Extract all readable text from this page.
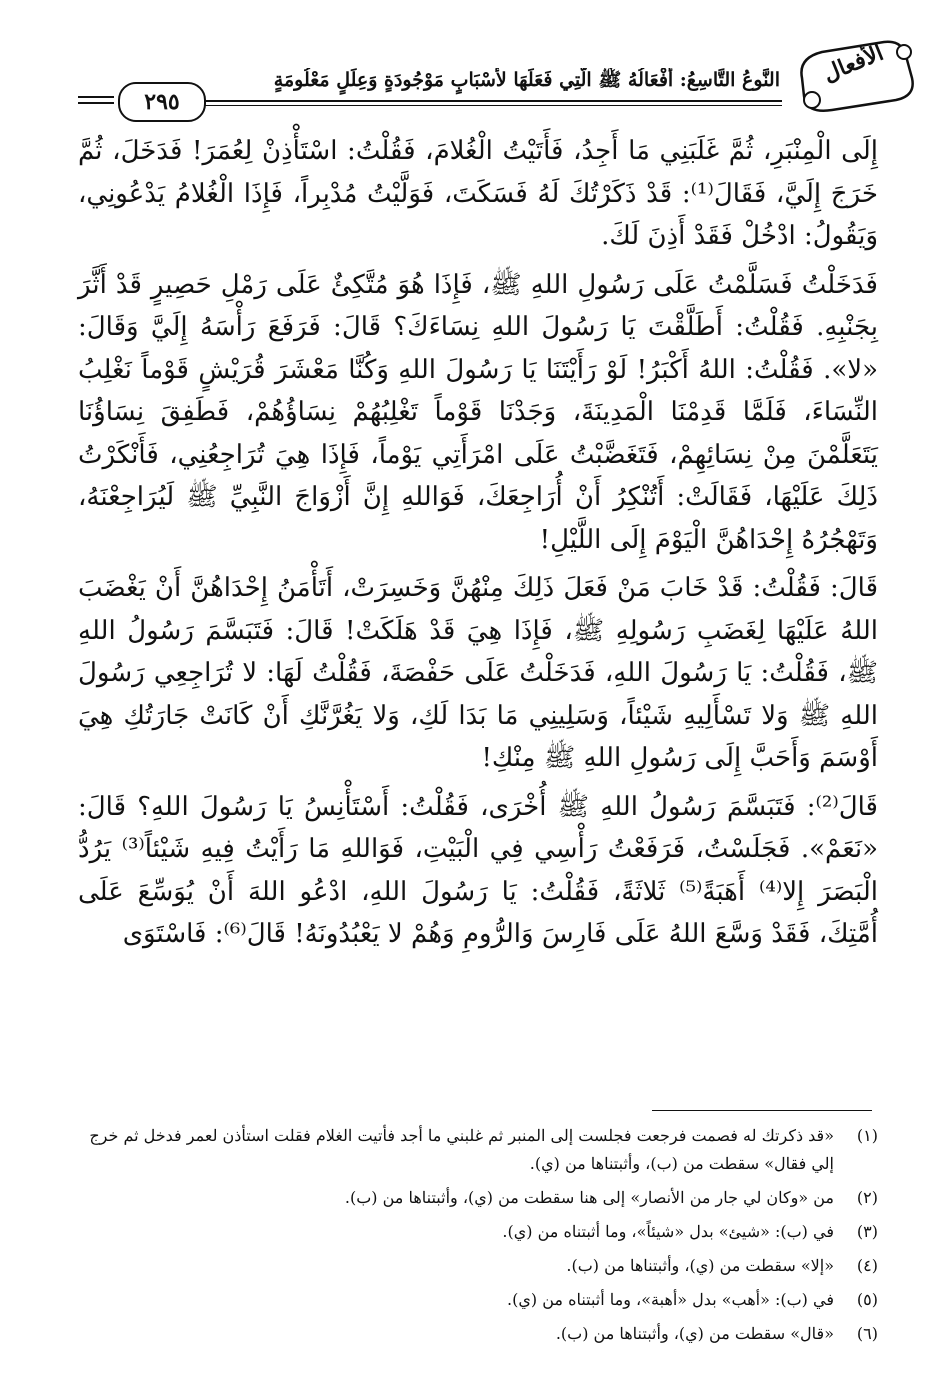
الأفعال
النَّوعُ التَّاسِعُ: أَفْعَالُهُ ﷺ الَّتِي فَعَلَهَا لأَسْبَابٍ مَوْجُودَةٍ وَعِلَلٍ مَعْلُومَةٍ
٢٩٥

إِلَى الْمِنْبَرِ، ثُمَّ غَلَبَنِي مَا أَجِدُ، فَأَتَيْتُ الْغُلامَ، فَقُلْتُ: اسْتَأْذِنْ لِعُمَرَ! فَدَخَلَ، ثُمَّ خَرَجَ إِلَيَّ، فَقَالَ⁽¹⁾: قَدْ ذَكَرْتُكَ لَهُ فَسَكَتَ، فَوَلَّيْتُ مُدْبِراً، فَإِذَا الْغُلامُ يَدْعُونِي، وَيَقُولُ: ادْخُلْ فَقَدْ أَذِنَ لَكَ.

فَدَخَلْتُ فَسَلَّمْتُ عَلَى رَسُولِ اللهِ ﷺ، فَإِذَا هُوَ مُتَّكِئٌ عَلَى رَمْلِ حَصِيرٍ قَدْ أَثَّرَ بِجَنْبِهِ. فَقُلْتُ: أَطَلَّقْتَ يَا رَسُولَ اللهِ نِسَاءَكَ؟ قَالَ: فَرَفَعَ رَأْسَهُ إِلَيَّ وَقَالَ: «لا». فَقُلْتُ: اللهُ أَكْبَرُ! لَوْ رَأَيْتَنَا يَا رَسُولَ اللهِ وَكُنَّا مَعْشَرَ قُرَيْشٍ قَوْماً نَغْلِبُ النِّسَاءَ، فَلَمَّا قَدِمْنَا الْمَدِينَةَ، وَجَدْنَا قَوْماً تَغْلِبُهُمْ نِسَاؤُهُمْ، فَطَفِقَ نِسَاؤُنَا يَتَعَلَّمْنَ مِنْ نِسَائِهِمْ، فَتَغَضَّبْتُ عَلَى امْرَأَتِي يَوْماً، فَإِذَا هِيَ تُرَاجِعُنِي، فَأَنْكَرْتُ ذَلِكَ عَلَيْهَا، فَقَالَتْ: أَتُنْكِرُ أَنْ أُرَاجِعَكَ، فَوَاللهِ إِنَّ أَزْوَاجَ النَّبِيِّ ﷺ لَيُرَاجِعْنَهُ، وَتَهْجُرُهُ إِحْدَاهُنَّ الْيَوْمَ إِلَى اللَّيْلِ!

قَالَ: فَقُلْتُ: قَدْ خَابَ مَنْ فَعَلَ ذَلِكَ مِنْهُنَّ وَخَسِرَتْ، أَتَأْمَنُ إِحْدَاهُنَّ أَنْ يَغْضَبَ اللهُ عَلَيْهَا لِغَضَبِ رَسُولِهِ ﷺ، فَإِذَا هِيَ قَدْ هَلَكَتْ! قَالَ: فَتَبَسَّمَ رَسُولُ اللهِ ﷺ، فَقُلْتُ: يَا رَسُولَ اللهِ، فَدَخَلْتُ عَلَى حَفْصَةَ، فَقُلْتُ لَهَا: لا تُرَاجِعِي رَسُولَ اللهِ ﷺ وَلا تَسْأَلِيهِ شَيْئاً، وَسَلِينِي مَا بَدَا لَكِ، وَلا يَغُرَّنَّكِ أَنْ كَانَتْ جَارَتُكِ هِيَ أَوْسَمَ وَأَحَبَّ إِلَى رَسُولِ اللهِ ﷺ مِنْكِ!

قَالَ⁽²⁾: فَتَبَسَّمَ رَسُولُ اللهِ ﷺ أُخْرَى، فَقُلْتُ: أَسْتَأْنِسُ يَا رَسُولَ اللهِ؟ قَالَ: «نَعَمْ». فَجَلَسْتُ، فَرَفَعْتُ رَأْسِي فِي الْبَيْتِ، فَوَاللهِ مَا رَأَيْتُ فِيهِ شَيْئاً⁽³⁾ يَرُدُّ الْبَصَرَ إِلا⁽⁴⁾ أَهَبَةً⁽⁵⁾ ثَلاثَةً، فَقُلْتُ: يَا رَسُولَ اللهِ، ادْعُو اللهَ أَنْ يُوَسِّعَ عَلَى أُمَّتِكَ، فَقَدْ وَسَّعَ اللهُ عَلَى فَارِسَ وَالرُّومِ وَهُمْ لا يَعْبُدُونَهُ! قَالَ⁽⁶⁾: فَاسْتَوَى

(١)
«قد ذكرتك له فصمت فرجعت فجلست إلى المنبر ثم غلبني ما أجد فأتيت الغلام فقلت استأذن لعمر فدخل ثم خرج إلي فقال» سقطت من (ب)، وأثبتناها من (ي).
(٢)
من «وكان لي جار من الأنصار» إلى هنا سقطت من (ي)، وأثبتناها من (ب).
(٣)
في (ب): «شيئ» بدل «شيئاً»، وما أثبتناه من (ي).
(٤)
«إلا» سقطت من (ي)، وأثبتناها من (ب).
(٥)
في (ب): «أهب» بدل «أهبة»، وما أثبتناه من (ي).
(٦)
«قال» سقطت من (ي)، وأثبتناها من (ب).
